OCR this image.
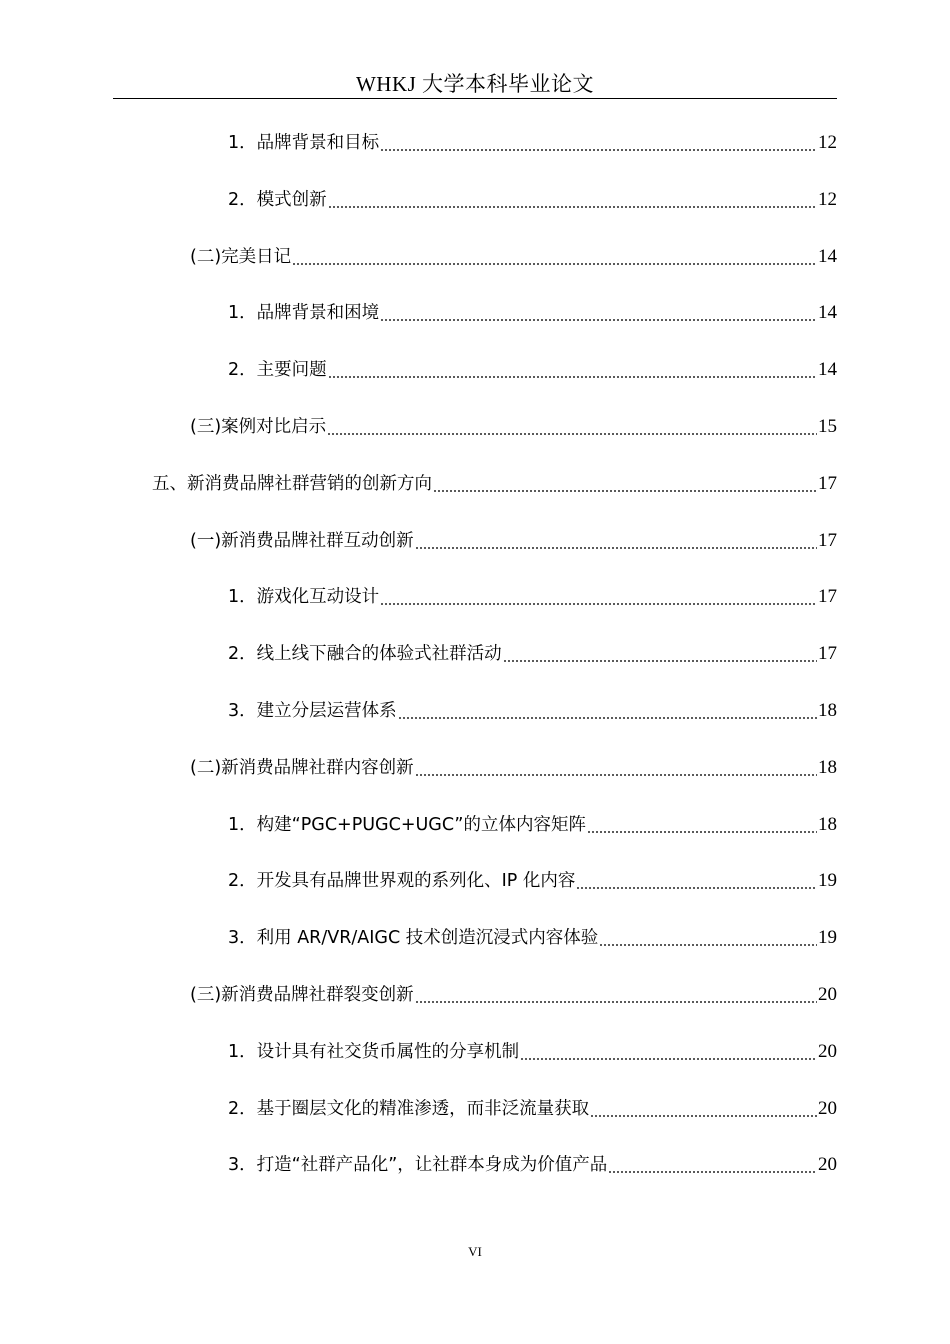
WHKJ 大学本科毕业论文
1．品牌背景和目标	12
2．模式创新	12
(二)完美日记	14
1．品牌背景和困境	14
2．主要问题	14
(三)案例对比启示	15
五、新消费品牌社群营销的创新方向	17
(一)新消费品牌社群互动创新	17
1．游戏化互动设计	17
2．线上线下融合的体验式社群活动	17
3．建立分层运营体系	18
(二)新消费品牌社群内容创新	18
1．构建“PGC+PUGC+UGC”的立体内容矩阵	18
2．开发具有品牌世界观的系列化、IP 化内容	19
3．利用 AR/VR/AIGC 技术创造沉浸式内容体验	19
(三)新消费品牌社群裂变创新	20
1．设计具有社交货币属性的分享机制	20
2．基于圈层文化的精准渗透，而非泛流量获取	20
3．打造“社群产品化”，让社群本身成为价值产品	20
VI
